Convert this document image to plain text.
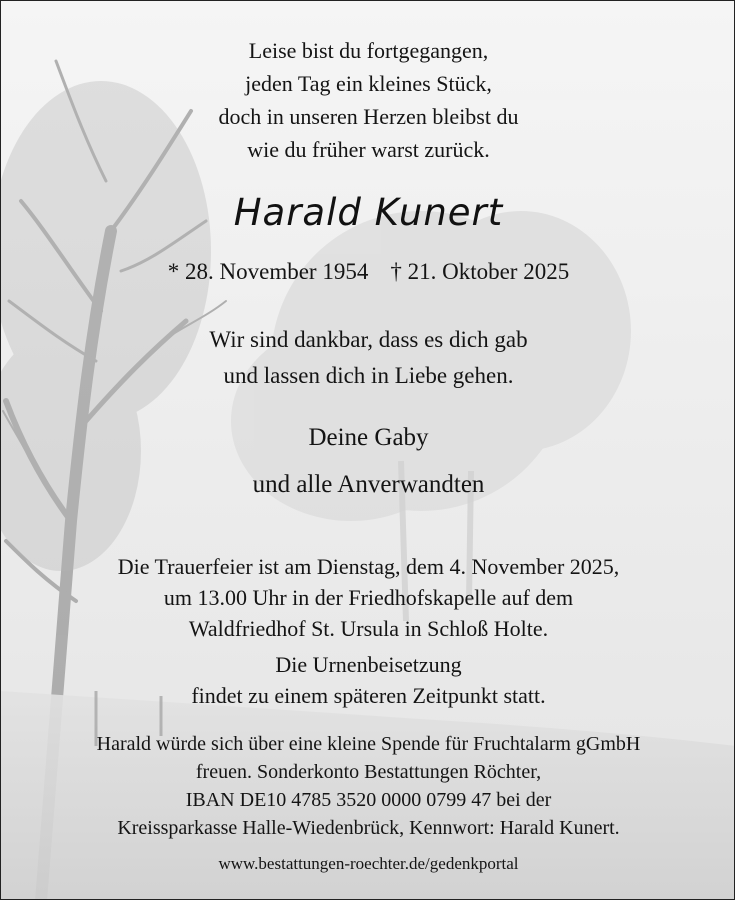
Leise bist du fortgegangen,
jeden Tag ein kleines Stück,
doch in unseren Herzen bleibst du
wie du früher warst zurück.
Harald Kunert
* 28. November 1954 † 21. Oktober 2025
Wir sind dankbar, dass es dich gab
und lassen dich in Liebe gehen.
Deine Gaby
und alle Anverwandten
Die Trauerfeier ist am Dienstag, dem 4. November 2025,
um 13.00 Uhr in der Friedhofskapelle auf dem
Waldfriedhof St. Ursula in Schloß Holte.
Die Urnenbeisetzung
findet zu einem späteren Zeitpunkt statt.
Harald würde sich über eine kleine Spende für Fruchtalarm gGmbH
freuen. Sonderkonto Bestattungen Röchter,
IBAN DE10 4785 3520 0000 0799 47 bei der
Kreissparkasse Halle-Wiedenbrück, Kennwort: Harald Kunert.
www.bestattungen-roechter.de/gedenkportal
